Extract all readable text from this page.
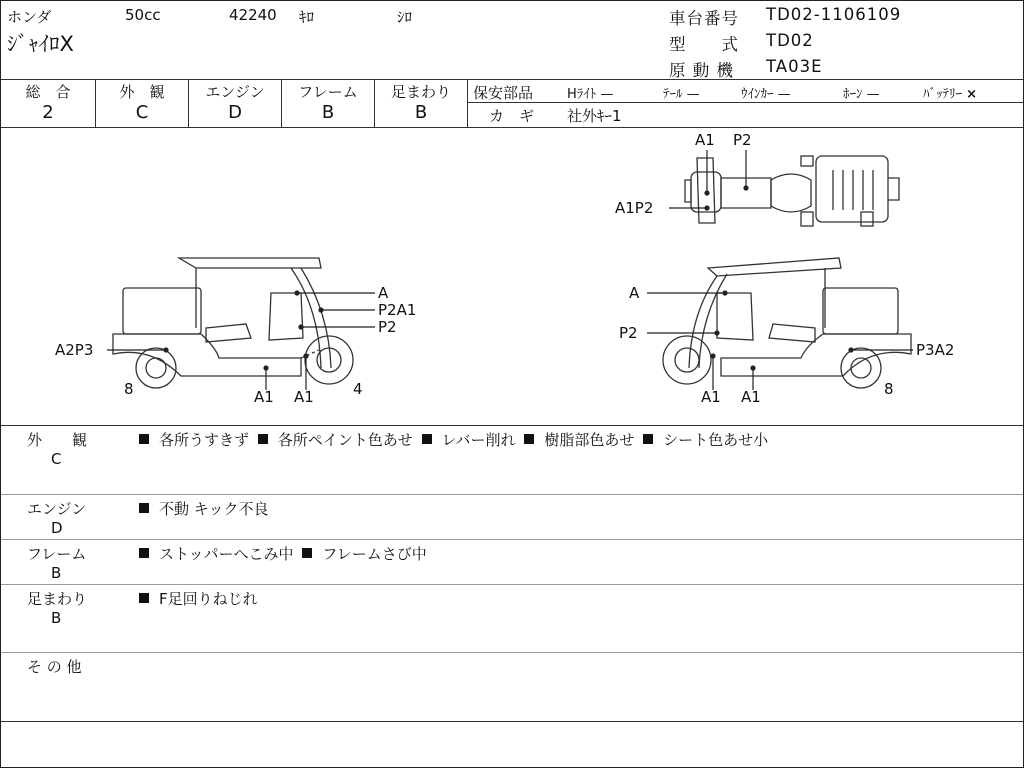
ホンダ	50cc	42240 ｷﾛ	ｼﾛ
ｼﾞｬｲﾛX
車台番号 TD02-1106109
型　　式 TD02
原 動 機 TA03E
総　合
2
外　観
C
エンジン
D
フレーム
B
足まわり
B
保安部品	Hﾗｲﾄ —	ﾃｰﾙ —	ｳｲﾝｶｰ —	ﾎｰﾝ —	ﾊﾞｯﾃﾘｰ ×
カ　ギ 社外ｷｰ1
A1 P2
A1P2
A
P2A1
P2
A2P3
8	A1 A1	4
A
P2
P3A2
A1 A1	8
外　　観
C
各所うすきず 各所ペイント色あせ レバー削れ 樹脂部色あせ シート色あせ小
エンジン
D
不動 キック不良
フレーム
B
ストッパーへこみ中 フレームさび中
足まわり
B
F足回りねじれ
そ の 他
